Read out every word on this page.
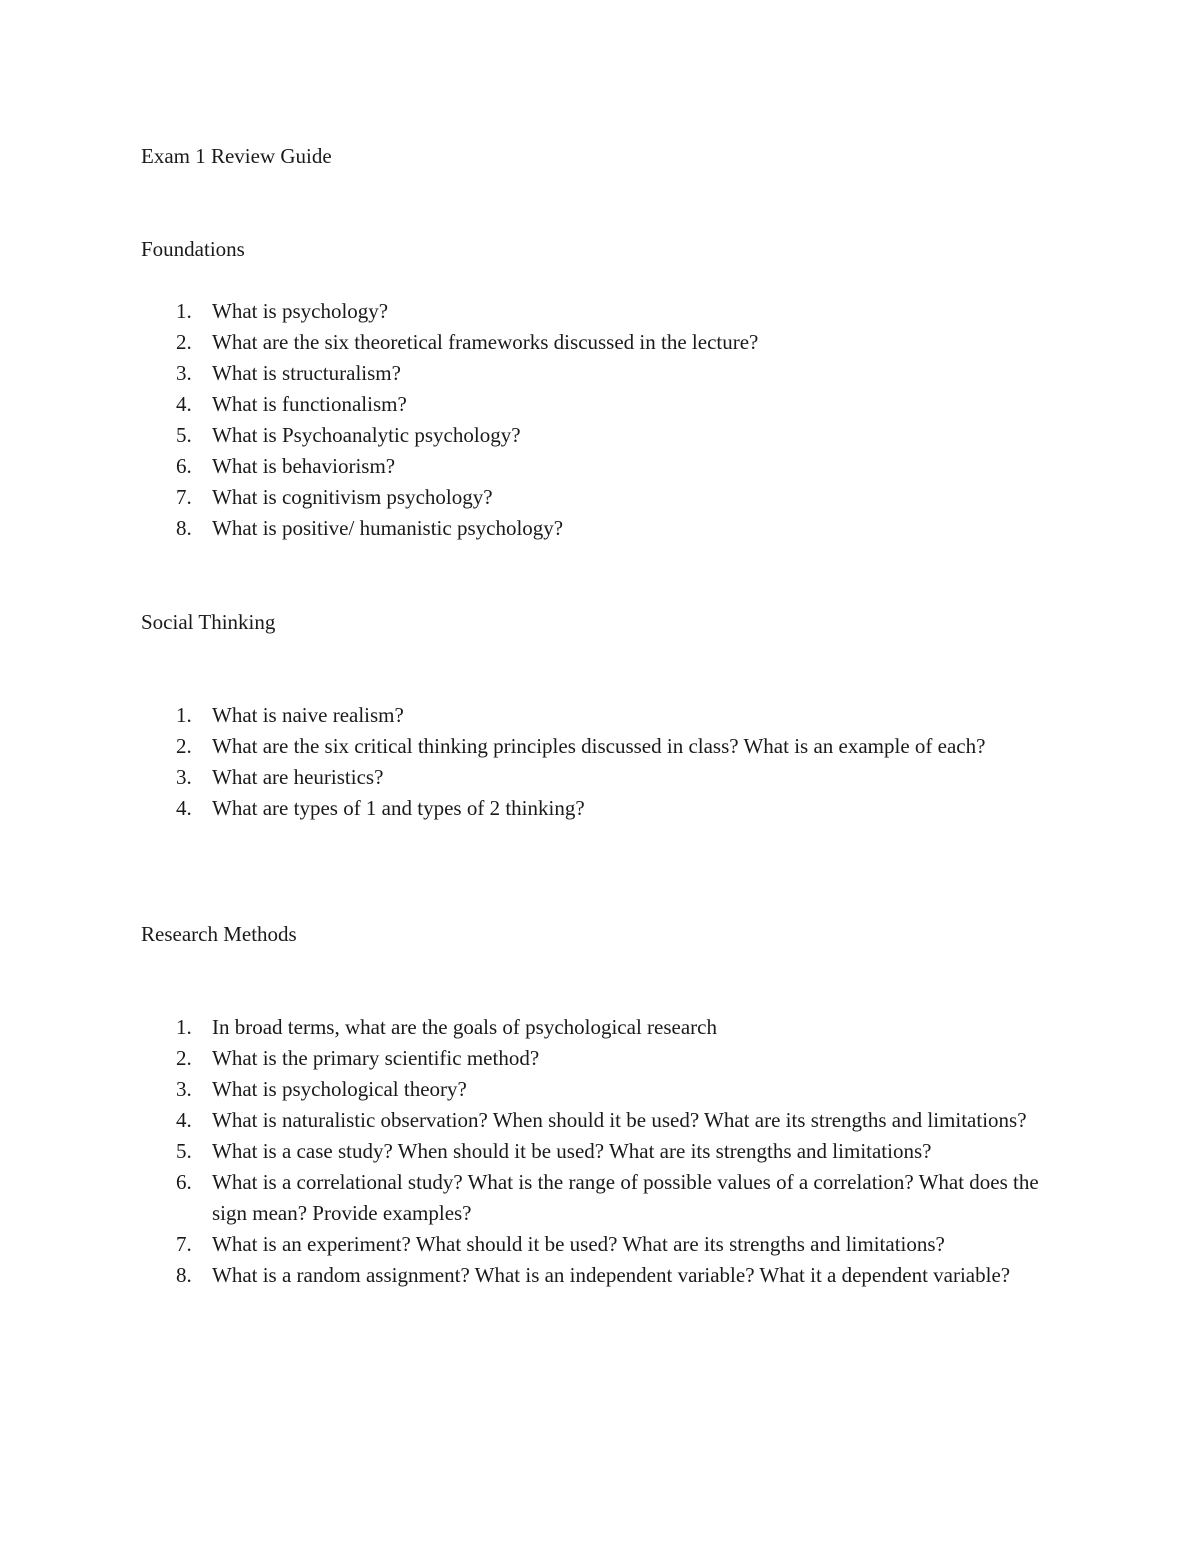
Exam 1 Review Guide
Foundations
1. What is psychology?
2. What are the six theoretical frameworks discussed in the lecture?
3. What is structuralism?
4. What is functionalism?
5. What is Psychoanalytic psychology?
6. What is behaviorism?
7. What is cognitivism psychology?
8. What is positive/ humanistic psychology?
Social Thinking
1. What is naive realism?
2. What are the six critical thinking principles discussed in class? What is an example of each?
3. What are heuristics?
4. What are types of 1 and types of 2 thinking?
Research Methods
1. In broad terms, what are the goals of psychological research
2. What is the primary scientific method?
3. What is psychological theory?
4. What is naturalistic observation? When should it be used? What are its strengths and limitations?
5. What is a case study? When should it be used? What are its strengths and limitations?
6. What is a correlational study? What is the range of possible values of a correlation? What does the sign mean? Provide examples?
7. What is an experiment? What should it be used? What are its strengths and limitations?
8. What is a random assignment? What is an independent variable? What it a dependent variable?
